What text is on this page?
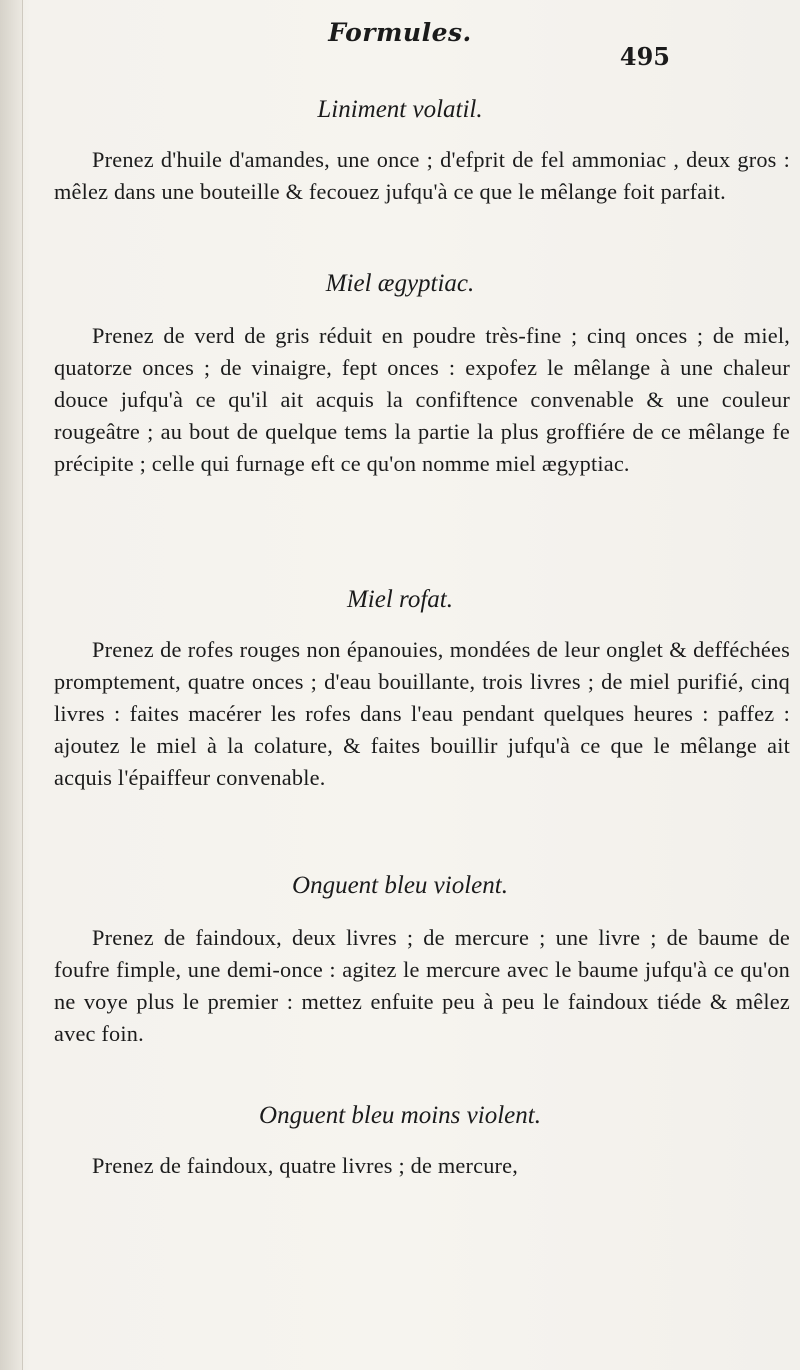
Formules.
495
Liniment volatil.

Prenez d'huile d'amandes, une once ; d'efprit de fel ammoniac , deux gros : mêlez dans une bouteille & fecouez jufqu'à ce que le mêlange foit parfait.

Miel ægyptiac.

Prenez de verd de gris réduit en poudre très-fine ; cinq onces ; de miel, quatorze onces ; de vinaigre, fept onces : expofez le mêlange à une chaleur douce jufqu'à ce qu'il ait acquis la confiftence convenable & une couleur rougeâtre ; au bout de quelque tems la partie la plus groffiére de ce mêlange fe précipite ; celle qui furnage eft ce qu'on nomme miel ægyptiac.

Miel rofat.

Prenez de rofes rouges non épanouies, mondées de leur onglet & defféchées promptement, quatre onces ; d'eau bouillante, trois livres ; de miel purifié, cinq livres : faites macérer les rofes dans l'eau pendant quelques heures : paffez : ajoutez le miel à la colature, & faites bouillir jufqu'à ce que le mêlange ait acquis l'épaiffeur convenable.

Onguent bleu violent.

Prenez de faindoux, deux livres ; de mercure ; une livre ; de baume de foufre fimple, une demi-once : agitez le mercure avec le baume jufqu'à ce qu'on ne voye plus le premier : mettez enfuite peu à peu le faindoux tiéde & mêlez avec foin.

Onguent bleu moins violent.

Prenez de faindoux, quatre livres ; de mercure,
